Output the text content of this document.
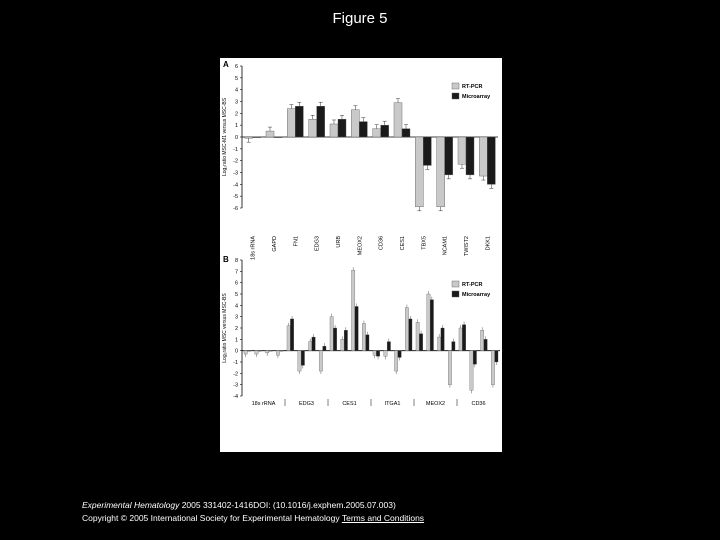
Figure 5
A 6
5
4
3
2
1
0
-1
-2
-3
-4
-5
-6
Log₂ratio MSC-M1 versus MSC-BS
18s rRNA	GAPD	FN1	EDG3	URB	MEOX2	CD36	CES1	TBX5	NCAM1	TWIST2	DKK1
RT-PCR
Microarray
B 8
7
6
5
4
3
2
1
0
-1
-2
-3
-4
Log₂ratio MSC versus MSC-BS
BM-MSC-M1 BM-MSC-M2 AT-MSC-M1 CB-MSC-M3
18s rRNA
BM-MSC-M1 BM-MSC-M2 AT-MSC-M1 CB-MSC-M3
EDG3
BM-MSC-M1 BM-MSC-M2 AT-MSC-M1 CB-MSC-M3
CES1
BM-MSC-M1 BM-MSC-M2 AT-MSC-M1 CB-MSC-M3
ITGA1
BM-MSC-M1 BM-MSC-M2 AT-MSC-M1 CB-MSC-M3
MEOX2
BM-MSC-M1 BM-MSC-M2 AT-MSC-M1 CB-MSC-M3
CD36
RT-PCR
Microarray
Experimental Hematology 2005 331402-1416DOI: (10.1016/j.exphem.2005.07.003)
Copyright © 2005 International Society for Experimental Hematology Terms and Conditions
